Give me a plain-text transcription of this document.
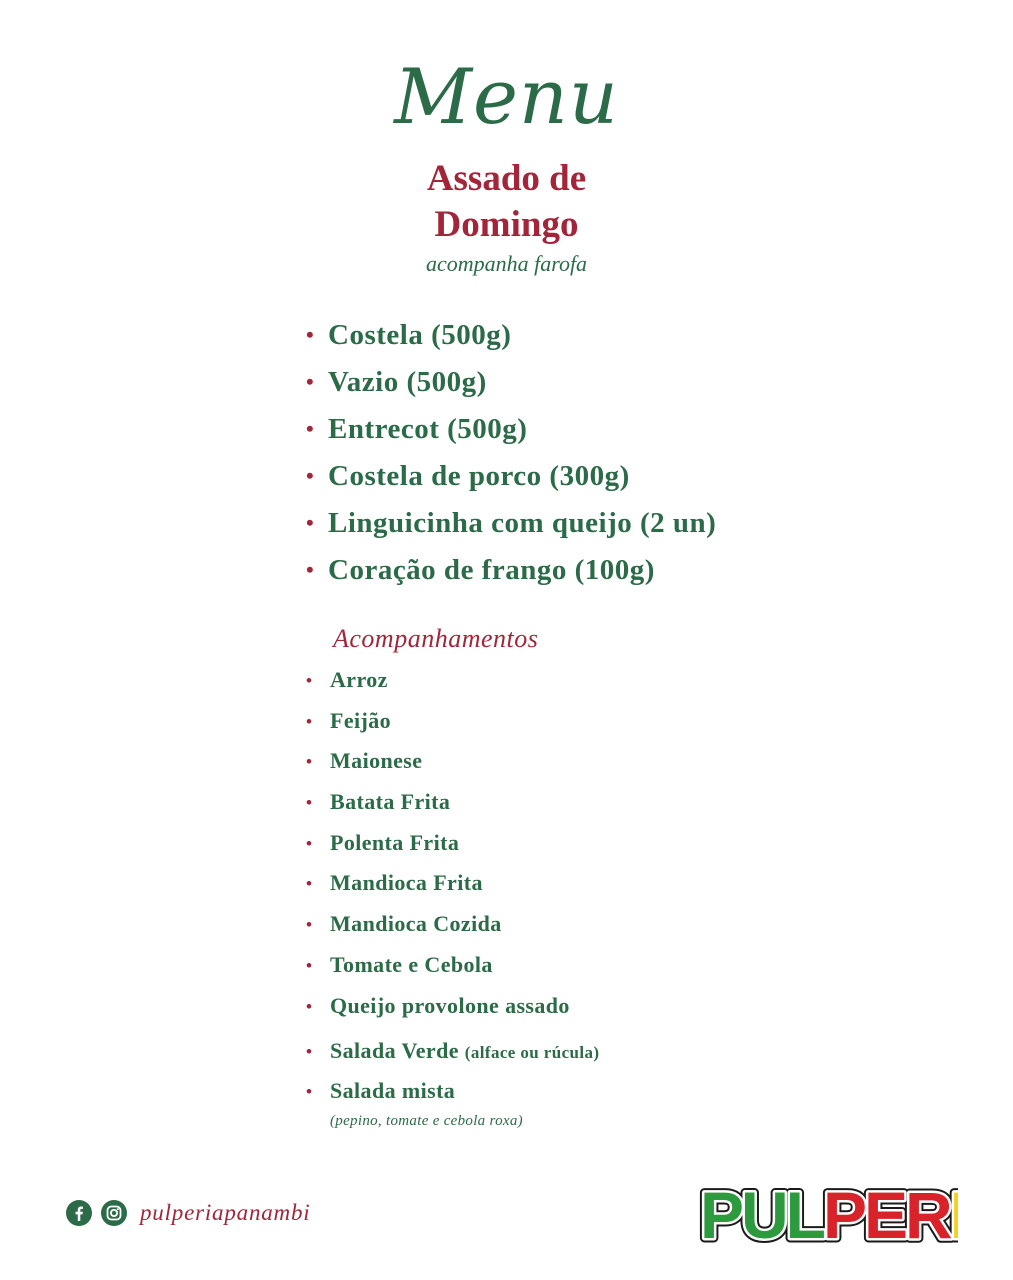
Menu
Assado de
Domingo
acompanha farofa
• Costela (500g)
• Vazio (500g)
• Entrecot (500g)
• Costela de porco (300g)
• Linguicinha com queijo (2 un)
• Coração de frango (100g)
Acompanhamentos
• Arroz
• Feijão
• Maionese
• Batata Frita
• Polenta Frita
• Mandioca Frita
• Mandioca Cozida
• Tomate e Cebola
• Queijo provolone assado
• Salada Verde (alface ou rúcula)
• Salada mista
(pepino, tomate e cebola roxa)
pulperiapanambi	PULPER
PULPER
PULPER
